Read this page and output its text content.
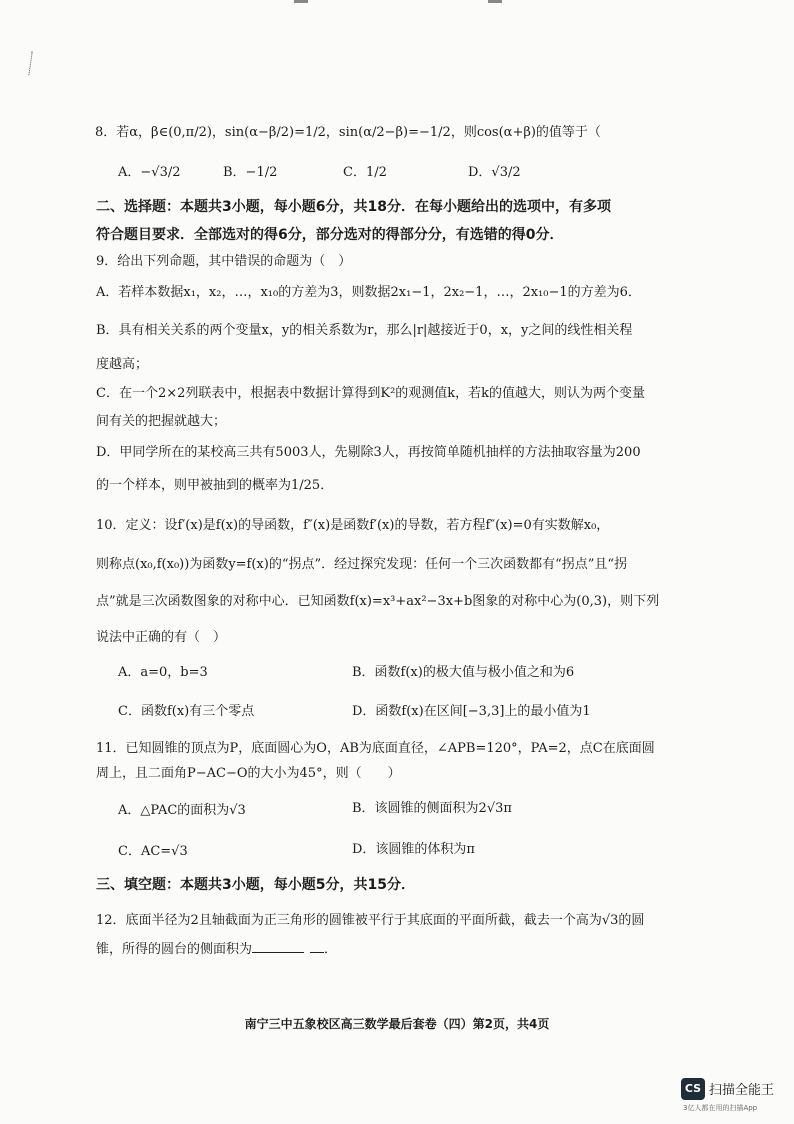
8．若α，β∈(0,π/2)，sin(α−β/2)=1/2，sin(α/2−β)=−1/2，则cos(α+β)的值等于（
A．−√3/2	B．−1/2	C．1/2	D．√3/2
二、选择题：本题共3小题，每小题6分，共18分．在每小题给出的选项中，有多项
符合题目要求．全部选对的得6分，部分选对的得部分分，有选错的得0分．
9．给出下列命题，其中错误的命题为（　）
A．若样本数据x₁，x₂，…，x₁₀的方差为3，则数据2x₁−1，2x₂−1，…，2x₁₀−1的方差为6．
B．具有相关关系的两个变量x，y的相关系数为r，那么|r|越接近于0，x，y之间的线性相关程
度越高；
C．在一个2×2列联表中，根据表中数据计算得到K²的观测值k，若k的值越大，则认为两个变量
间有关的把握就越大；
D．甲同学所在的某校高三共有5003人，先剔除3人，再按简单随机抽样的方法抽取容量为200
的一个样本，则甲被抽到的概率为1/25．
10．定义：设f′(x)是f(x)的导函数，f″(x)是函数f′(x)的导数，若方程f″(x)=0有实数解x₀，
则称点(x₀,f(x₀))为函数y=f(x)的“拐点”．经过探究发现：任何一个三次函数都有“拐点”且“拐
点”就是三次函数图象的对称中心．已知函数f(x)=x³+ax²−3x+b图象的对称中心为(0,3)，则下列
说法中正确的有（　）
A．a=0，b=3	B．函数f(x)的极大值与极小值之和为6
C．函数f(x)有三个零点	D．函数f(x)在区间[−3,3]上的最小值为1
11．已知圆锥的顶点为P，底面圆心为O，AB为底面直径，∠APB=120°，PA=2，点C在底面圆
周上，且二面角P−AC−O的大小为45°，则（　　）
A．△PAC的面积为√3	B．该圆锥的侧面积为2√3π
C．AC=√3	D．该圆锥的体积为π
三、填空题：本题共3小题，每小题5分，共15分．
12．底面半径为2且轴截面为正三角形的圆锥被平行于其底面的平面所截，截去一个高为√3的圆
锥，所得的圆台的侧面积为	．
南宁三中五象校区高三数学最后套卷（四）第2页，共4页
CS 扫描全能王
3亿人都在用的扫描App
